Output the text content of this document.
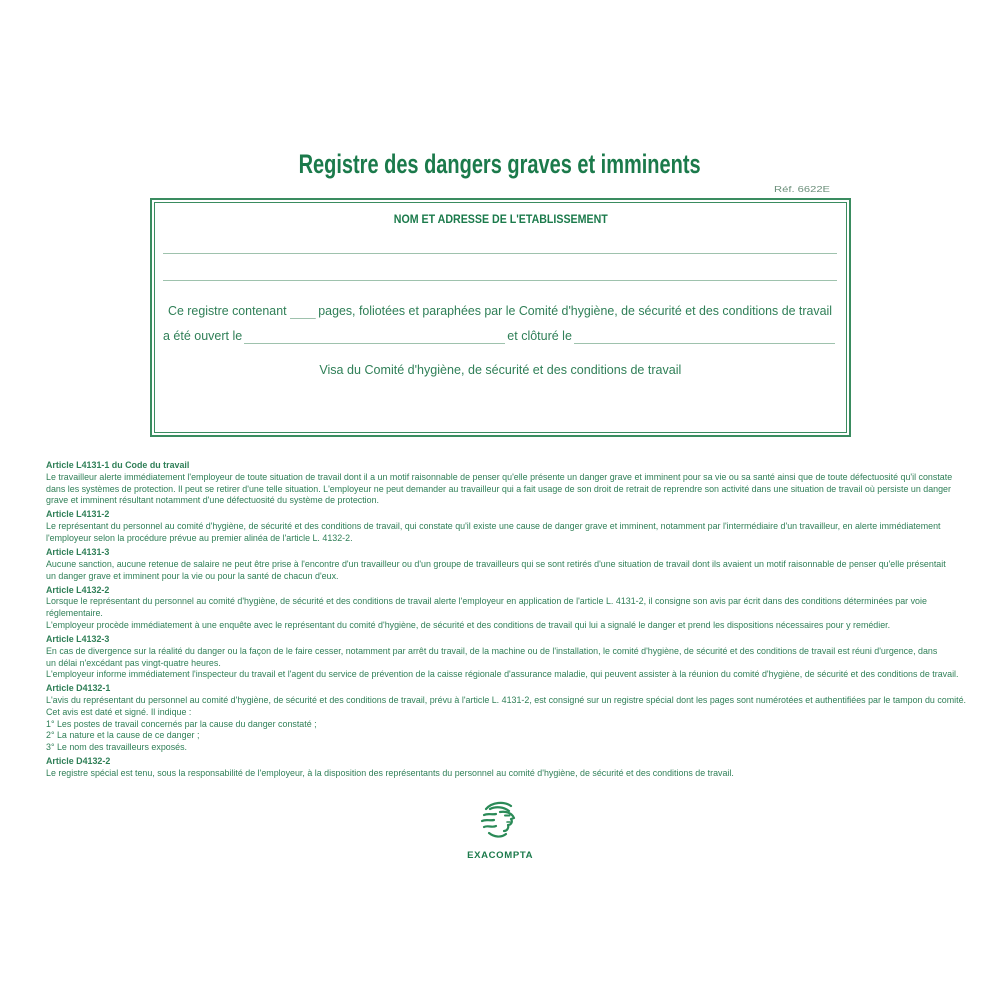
Registre des dangers graves et imminents
Réf. 6622E
NOM ET ADRESSE DE L'ETABLISSEMENT
Ce registre contenant	pages, foliotées et paraphées par le Comité d'hygiène, de sécurité et des conditions de travail
a été ouvert le	et clôturé le
Visa du Comité d'hygiène, de sécurité et des conditions de travail
Article L4131-1 du Code du travail
Le travailleur alerte immédiatement l'employeur de toute situation de travail dont il a un motif raisonnable de penser qu'elle présente un danger grave et imminent pour sa vie ou sa santé ainsi que de toute défectuosité qu'il constate
dans les systèmes de protection. Il peut se retirer d'une telle situation. L'employeur ne peut demander au travailleur qui a fait usage de son droit de retrait de reprendre son activité dans une situation de travail où persiste un danger
grave et imminent résultant notamment d'une défectuosité du système de protection.
Article L4131-2
Le représentant du personnel au comité d'hygiène, de sécurité et des conditions de travail, qui constate qu'il existe une cause de danger grave et imminent, notamment par l'intermédiaire d'un travailleur, en alerte immédiatement
l'employeur selon la procédure prévue au premier alinéa de l'article L. 4132-2.
Article L4131-3
Aucune sanction, aucune retenue de salaire ne peut être prise à l'encontre d'un travailleur ou d'un groupe de travailleurs qui se sont retirés d'une situation de travail dont ils avaient un motif raisonnable de penser qu'elle présentait
un danger grave et imminent pour la vie ou pour la santé de chacun d'eux.
Article L4132-2
Lorsque le représentant du personnel au comité d'hygiène, de sécurité et des conditions de travail alerte l'employeur en application de l'article L. 4131-2, il consigne son avis par écrit dans des conditions déterminées par voie
réglementaire.
L'employeur procède immédiatement à une enquête avec le représentant du comité d'hygiène, de sécurité et des conditions de travail qui lui a signalé le danger et prend les dispositions nécessaires pour y remédier.
Article L4132-3
En cas de divergence sur la réalité du danger ou la façon de le faire cesser, notamment par arrêt du travail, de la machine ou de l'installation, le comité d'hygiène, de sécurité et des conditions de travail est réuni d'urgence, dans
un délai n'excédant pas vingt-quatre heures.
L'employeur informe immédiatement l'inspecteur du travail et l'agent du service de prévention de la caisse régionale d'assurance maladie, qui peuvent assister à la réunion du comité d'hygiène, de sécurité et des conditions de travail.
Article D4132-1
L'avis du représentant du personnel au comité d'hygiène, de sécurité et des conditions de travail, prévu à l'article L. 4131-2, est consigné sur un registre spécial dont les pages sont numérotées et authentifiées par le tampon du comité.
Cet avis est daté et signé. Il indique :
1° Les postes de travail concernés par la cause du danger constaté ;
2° La nature et la cause de ce danger ;
3° Le nom des travailleurs exposés.
Article D4132-2
Le registre spécial est tenu, sous la responsabilité de l'employeur, à la disposition des représentants du personnel au comité d'hygiène, de sécurité et des conditions de travail.
EXACOMPTA
